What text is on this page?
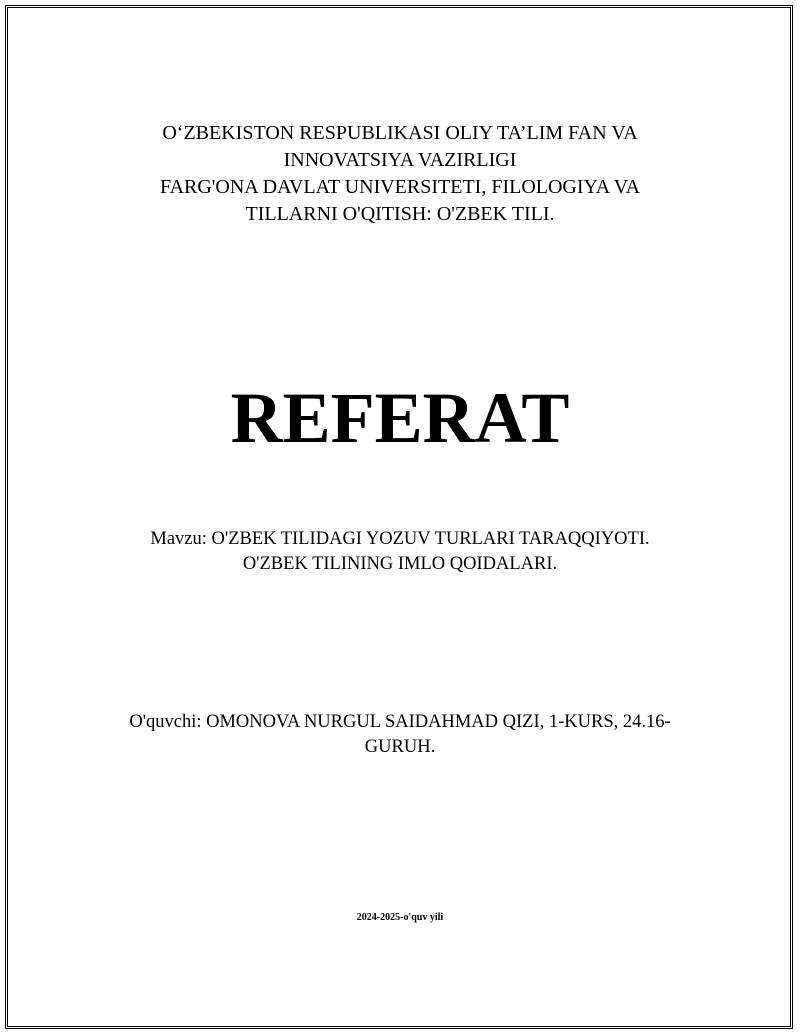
O‘ZBEKISTON RESPUBLIKASI OLIY TA’LIM FAN VA
INNOVATSIYA VAZIRLIGI
FARG'ONA DAVLAT UNIVERSITETI, FILOLOGIYA VA
TILLARNI O'QITISH: O'ZBEK TILI.
REFERAT
Mavzu: O'ZBEK TILIDAGI YOZUV TURLARI TARAQQIYOTI.
O'ZBEK TILINING IMLO QOIDALARI.
O'quvchi: OMONOVA NURGUL SAIDAHMAD QIZI, 1-KURS, 24.16-
GURUH.
2024-2025-o'quv yili
